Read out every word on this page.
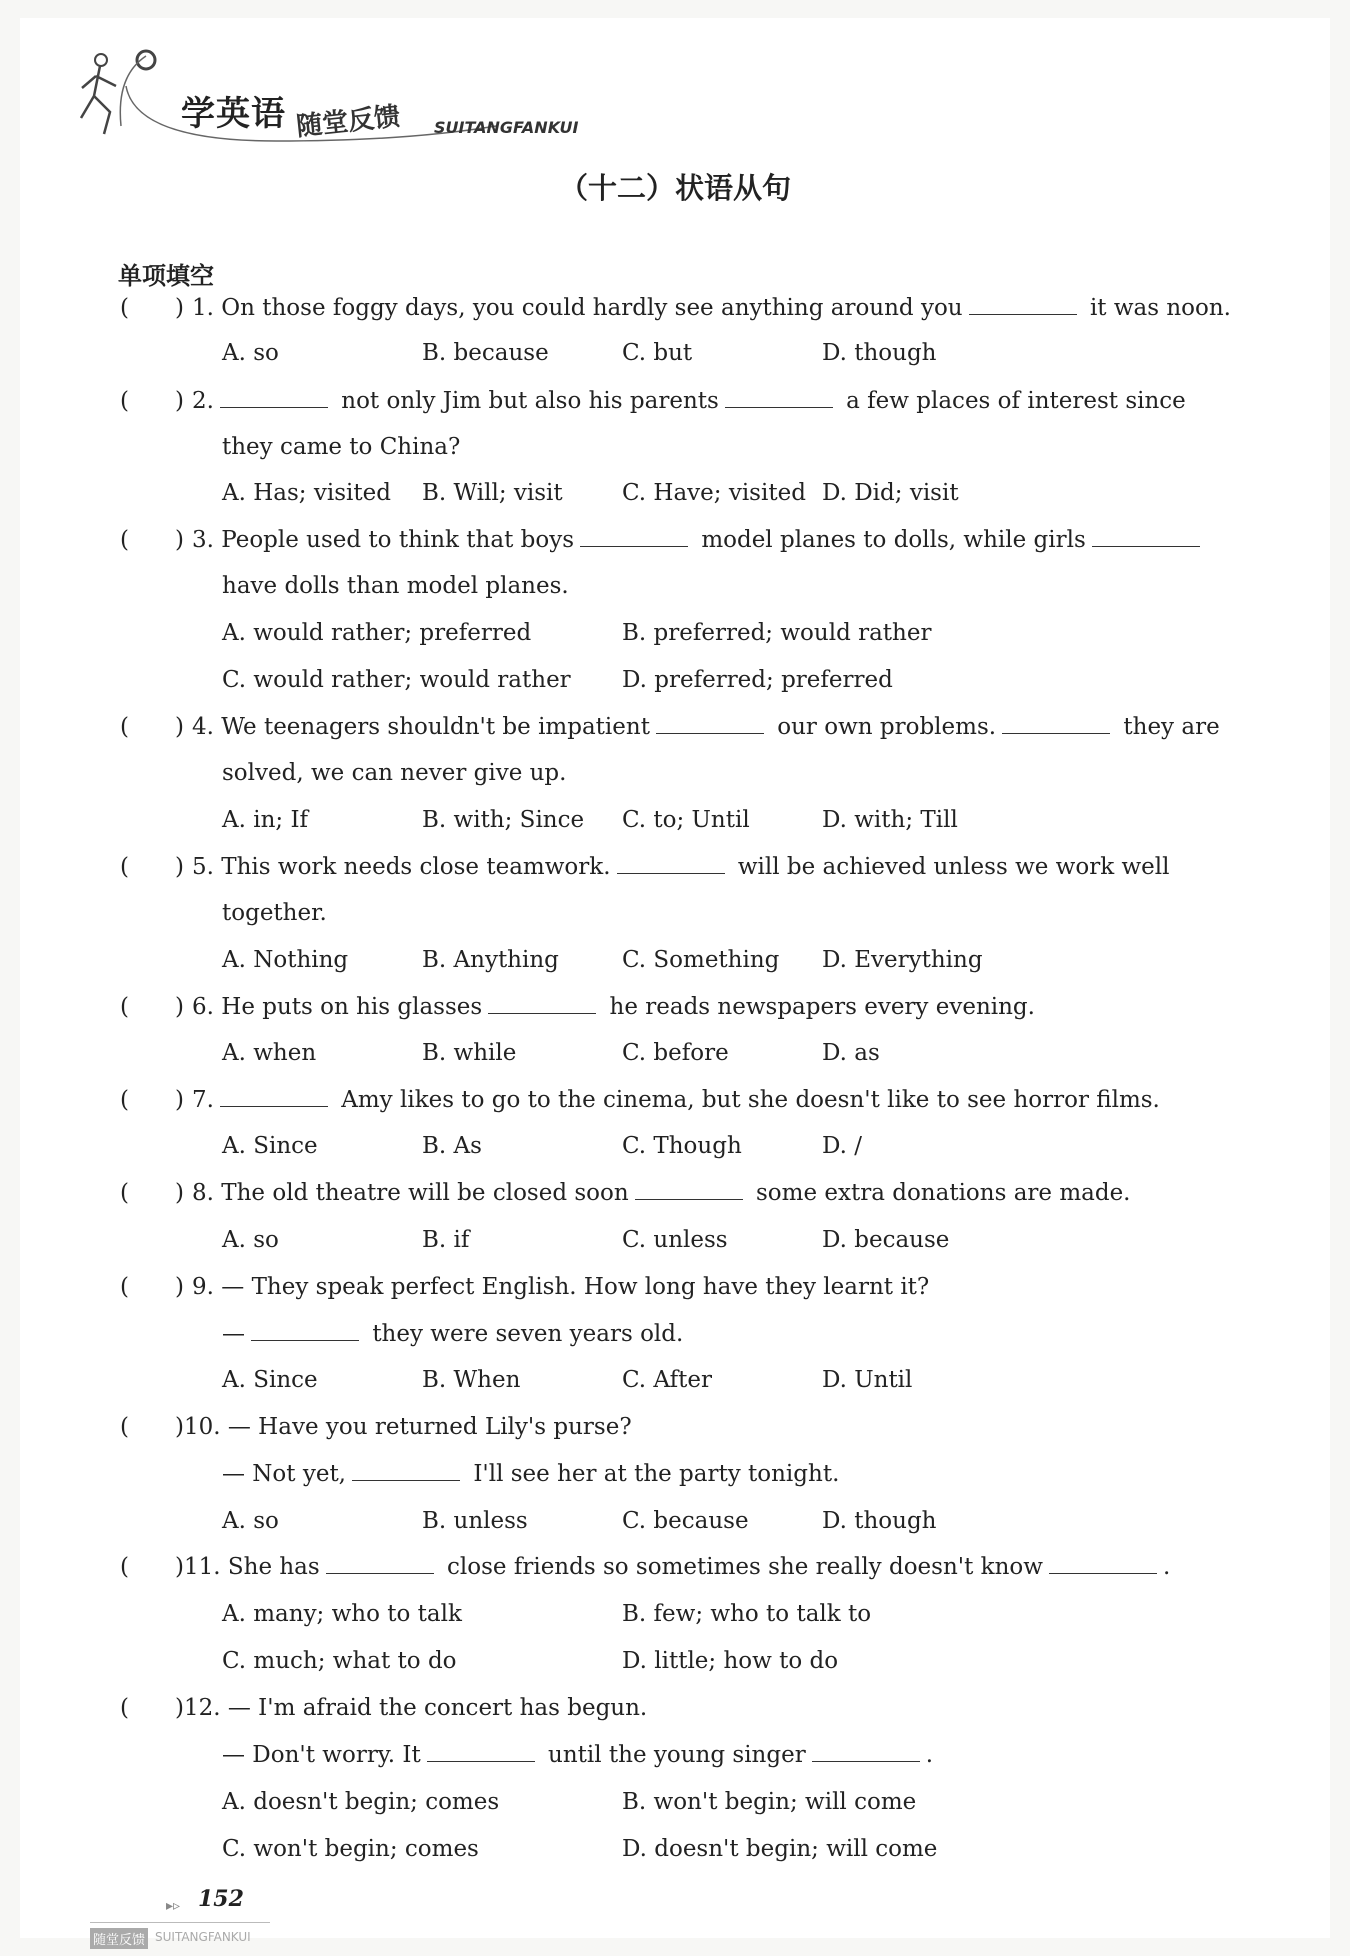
学英语 随堂反馈 SUITANGFANKUI
（十二）状语从句
单项填空
( ) 1. On those foggy days, you could hardly see anything around you	it was noon.
A. so	B. because	C. but	D. though
( ) 2.	not only Jim but also his parents	a few places of interest since
they came to China?
A. Has; visited B. Will; visit	C. Have; visited D. Did; visit
( ) 3. People used to think that boys	model planes to dolls, while girls
have dolls than model planes.
A. would rather; preferred	B. preferred; would rather
C. would rather; would rather D. preferred; preferred
( ) 4. We teenagers shouldn't be impatient	our own problems.	they are
solved, we can never give up.
A. in; If	B. with; Since C. to; Until	D. with; Till
( ) 5. This work needs close teamwork.	will be achieved unless we work well
together.
A. Nothing	B. Anything	C. Something D. Everything
( ) 6. He puts on his glasses	he reads newspapers every evening.
A. when	B. while	C. before	D. as
( ) 7.	Amy likes to go to the cinema, but she doesn't like to see horror films.
A. Since	B. As	C. Though	D. /
( ) 8. The old theatre will be closed soon	some extra donations are made.
A. so	B. if	C. unless	D. because
( ) 9. — They speak perfect English. How long have they learnt it?
—	they were seven years old.
A. Since	B. When	C. After	D. Until
( )10. — Have you returned Lily's purse?
— Not yet,	I'll see her at the party tonight.
A. so	B. unless	C. because	D. though
( )11. She has	close friends so sometimes she really doesn't know	.
A. many; who to talk	B. few; who to talk to
C. much; what to do	D. little; how to do
( )12. — I'm afraid the concert has begun.
— Don't worry. It	until the young singer	.
A. doesn't begin; comes	B. won't begin; will come
C. won't begin; comes	D. doesn't begin; will come
▸▹ 152
随堂反馈 SUITANGFANKUI
